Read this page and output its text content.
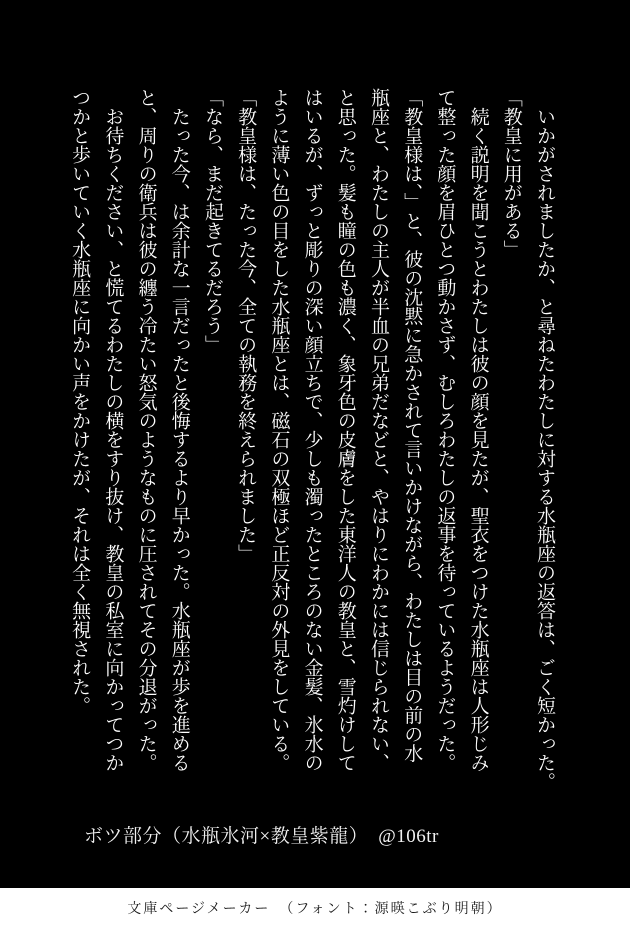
　いかがされましたか、と尋ねたわたしに対する水瓶座の返答は、ごく短かった。
「教皇に用がある」
　続く説明を聞こうとわたしは彼の顔を見たが、聖衣をつけた水瓶座は人形じみ
て整った顔を眉ひとつ動かさず、むしろわたしの返事を待っているようだった。
「教皇様は、」と、彼の沈黙に急かされて言いかけながら、わたしは目の前の水
瓶座と、わたしの主人が半血の兄弟だなどと、やはりにわかには信じられない、
と思った。髪も瞳の色も濃く、象牙色の皮膚をした東洋人の教皇と、雪灼けして
はいるが、ずっと彫りの深い顔立ちで、少しも濁ったところのない金髪、氷水の
ように薄い色の目をした水瓶座とは、磁石の双極ほど正反対の外見をしている。
「教皇様は、たった今、全ての執務を終えられました」
「なら、まだ起きてるだろう」
　たった今、は余計な一言だったと後悔するより早かった。水瓶座が歩を進める
と、周りの衛兵は彼の纏う冷たい怒気のようなものに圧されてその分退がった。
　お待ちください、と慌てるわたしの横をすり抜け、教皇の私室に向かってつか
つかと歩いていく水瓶座に向かい声をかけたが、それは全く無視された。
ボツ部分（水瓶氷河×教皇紫龍）　@106tr
文庫ページメーカー　（フォント：源暎こぶり明朝）
